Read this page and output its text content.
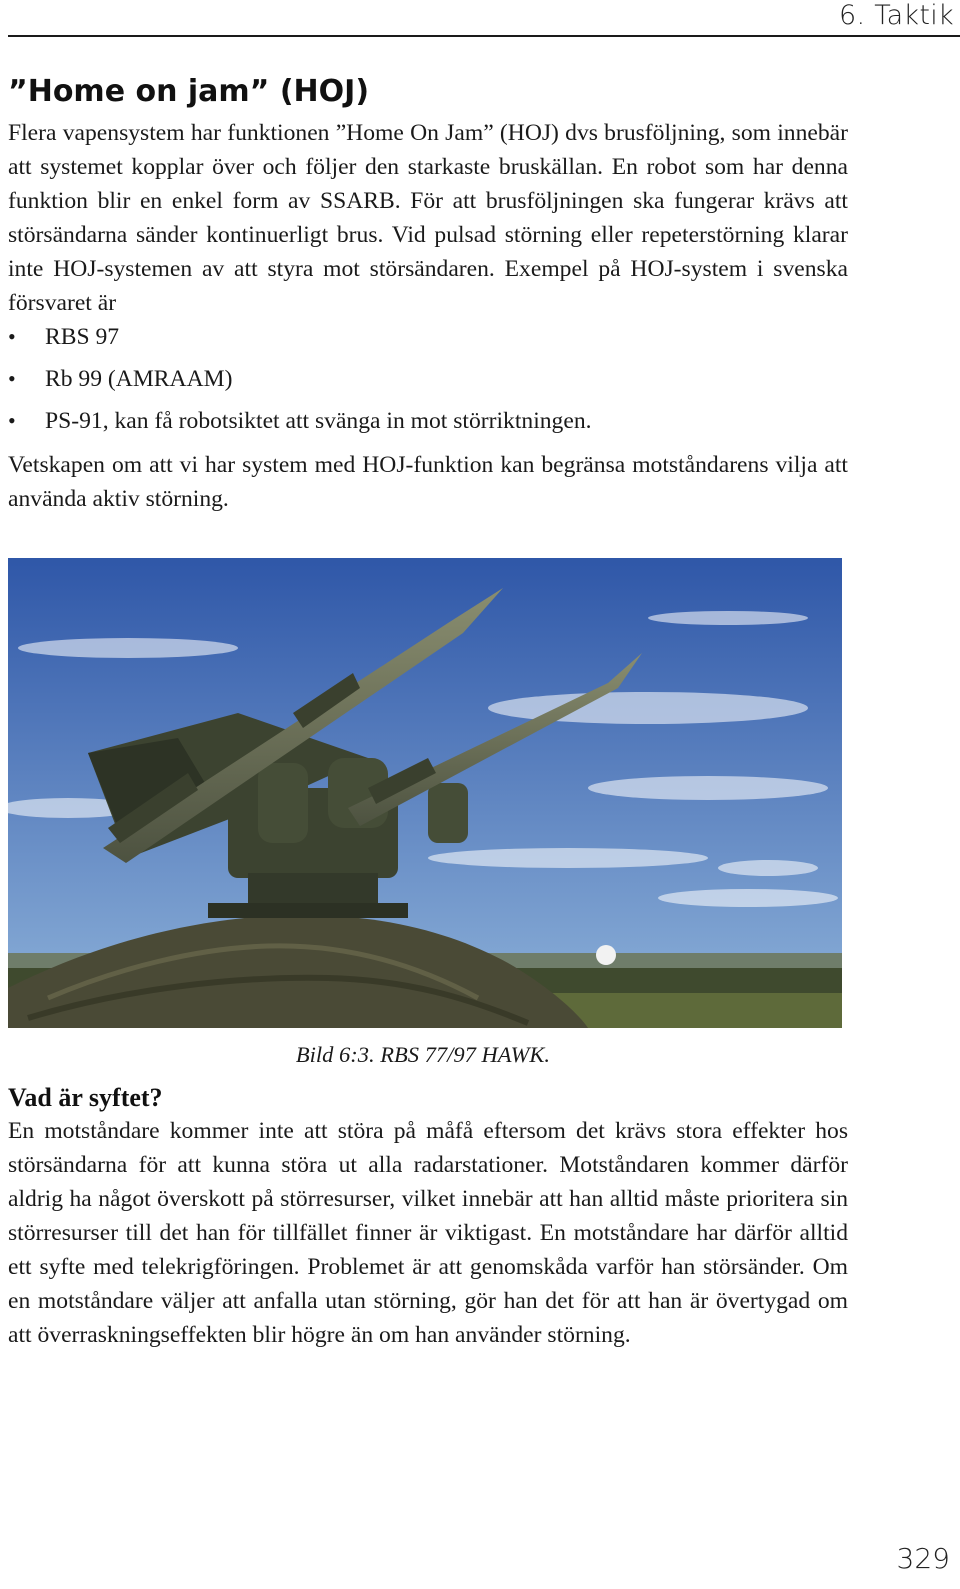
6. Taktik
”Home on jam” (HOJ)

Flera vapensystem har funktionen ”Home On Jam” (HOJ) dvs brusföljning, som innebär att systemet kopplar över och följer den starkaste bruskällan. En robot som har denna funktion blir en enkel form av SSARB. För att brusföljningen ska fungerar krävs att störsändarna sänder kontinuerligt brus. Vid pulsad störning eller repeterstörning klarar inte HOJ-systemen av att styra mot störsändaren. Exempel på HOJ-system i svenska försvaret är

• RBS 97
• Rb 99 (AMRAAM)
• PS-91, kan få robotsiktet att svänga in mot störriktningen.

Vetskapen om att vi har system med HOJ-funktion kan begränsa motståndarens vilja att använda aktiv störning.

Bild 6:3. RBS 77/97 HAWK.

Vad är syftet?

En motståndare kommer inte att störa på måfå eftersom det krävs stora effekter hos störsändarna för att kunna störa ut alla radarstationer. Motståndaren kommer därför aldrig ha något överskott på störresurser, vilket innebär att han alltid måste prioritera sin störresurser till det han för tillfället finner är viktigast. En motståndare har därför alltid ett syfte med telekrigföringen. Problemet är att genomskåda varför han störsänder. Om en motståndare väljer att anfalla utan störning, gör han det för att han är övertygad om att överraskningseffekten blir högre än om han använder störning.

329
